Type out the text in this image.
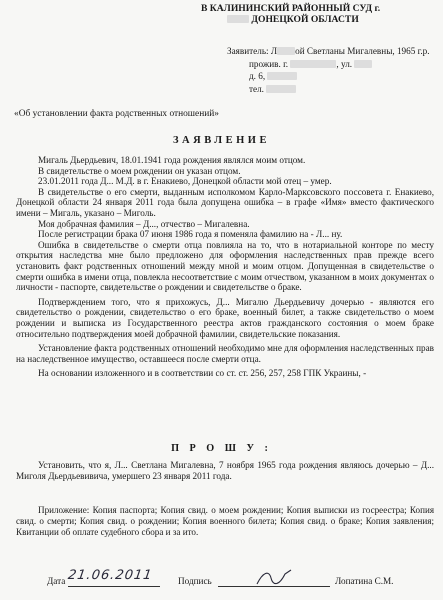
В КАЛИНИНСКИЙ РАЙОННЫЙ СУД г.
ДОНЕЦКОЙ ОБЛАСТИ
Заявитель: Л ой Светланы Мигалевны, 1965 г.р.
прожив. г.	, ул.
д. 6,
тел.
«Об установлении факта родственных отношений»
ЗАЯВЛЕНИЕ

Мигаль Дьердьевич, 18.01.1941 года рождения являлся моим отцом.

В свидетельстве о моем рождении он указан отцом.

23.01.2011 года Д... М.Д. в г. Енакиево, Донецкой области мой отец – умер.

В свидетельстве о его смерти, выданным исполкомом Карло-Марксовского поссовета г. Енакиево, Донецкой области 24 января 2011 года была допущена ошибка – в графе «Имя» вместо фактического имени – Мигаль, указано – Миголь.

Моя добрачная фамилия – Д..., отчество – Мигалевна.

После регистрации брака 07 июня 1986 года я поменяла фамилию на - Л... ну.

Ошибка в свидетельстве о смерти отца повлияла на то, что в нотариальной конторе по месту открытия наследства мне было предложено для оформления наследственных прав прежде всего установить факт родственных отношений между мной и моим отцом. Допущенная в свидетельстве о смерти ошибка в имени отца, повлекла несоответствие с моим отчеством, указанном в моих документах о личности - паспорте, свидетельстве о рождении и свидетельстве о браке.

Подтверждением того, что я прихожусь, Д... Мигалю Дьердьевичу дочерью - являются его свидетельство о рождении, свидетельство о его браке, военный билет, а также свидетельство о моем рождении и выписка из Государственного реестра актов гражданского состояния о моем браке относительно подтверждения моей добрачной фамилии, свидетельские показания.

Установление факта родственных отношений необходимо мне для оформления наследственных прав на наследственное имущество, оставшееся после смерти отца.

На основании изложенного и в соответствии со ст. ст. 256, 257, 258 ГПК Украины, -

П Р О Ш У :

Установить, что я, Л... Светлана Мигалевна, 7 ноября 1965 года рождения являюсь дочерью – Д... Миголя Дьердьевивича, умершего 23 января 2011 года.

Приложение: Копия паспорта; Копия свид. о моем рождении; Копия выписки из госреестра; Копия свид. о смерти; Копия свид. о рождении; Копия военного билета; Копия свид. о браке; Копия заявления; Квитанции об оплате судебного сбора и за ито.

Дата 21.06.2011	Подпись	Лопатина С.М.
